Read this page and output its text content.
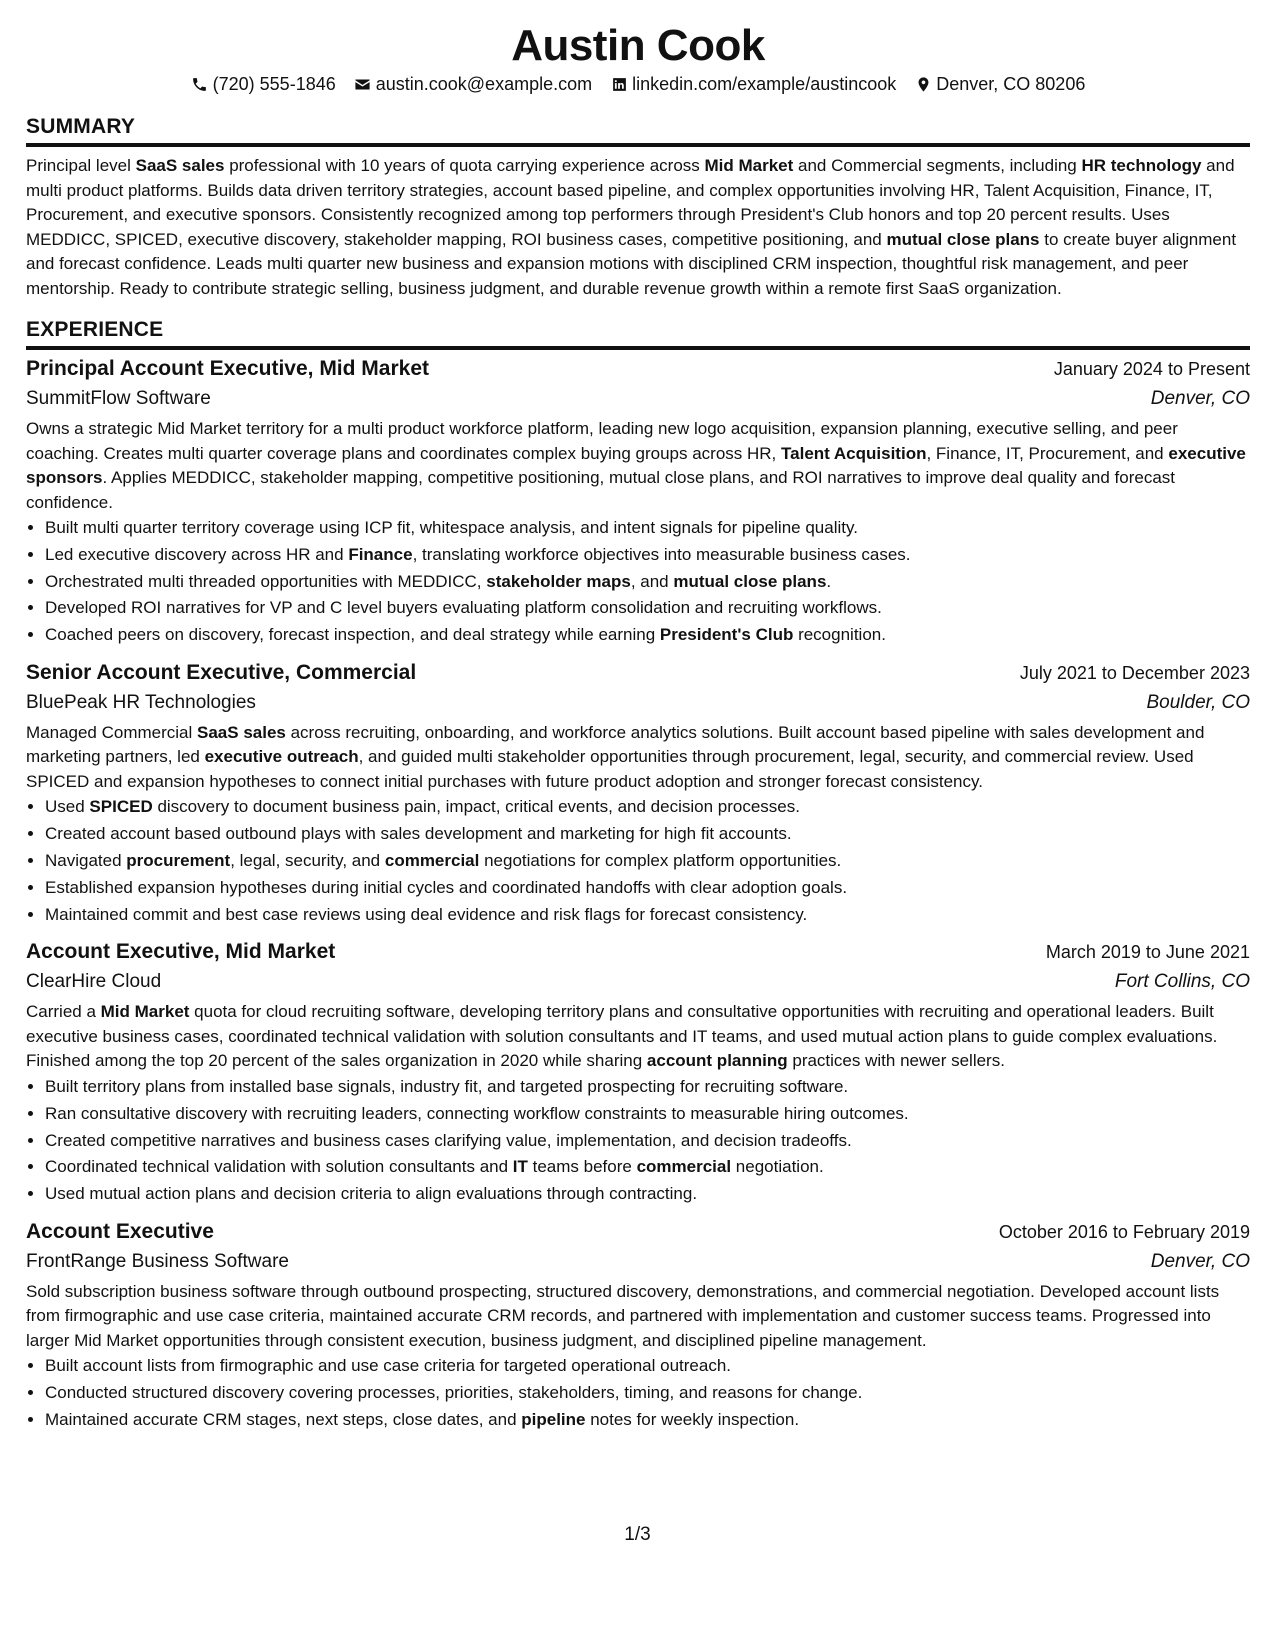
Austin Cook
(720) 555-1846 austin.cook@example.com linkedin.com/example/austincook Denver, CO 80206
SUMMARY
Principal level SaaS sales professional with 10 years of quota carrying experience across Mid Market and Commercial segments, including HR technology and multi product platforms. Builds data driven territory strategies, account based pipeline, and complex opportunities involving HR, Talent Acquisition, Finance, IT, Procurement, and executive sponsors. Consistently recognized among top performers through President's Club honors and top 20 percent results. Uses MEDDICC, SPICED, executive discovery, stakeholder mapping, ROI business cases, competitive positioning, and mutual close plans to create buyer alignment and forecast confidence. Leads multi quarter new business and expansion motions with disciplined CRM inspection, thoughtful risk management, and peer mentorship. Ready to contribute strategic selling, business judgment, and durable revenue growth within a remote first SaaS organization.
EXPERIENCE
Principal Account Executive, Mid Market	January 2024 to Present
SummitFlow Software	Denver, CO
Owns a strategic Mid Market territory for a multi product workforce platform, leading new logo acquisition, expansion planning, executive selling, and peer coaching. Creates multi quarter coverage plans and coordinates complex buying groups across HR, Talent Acquisition, Finance, IT, Procurement, and executive sponsors. Applies MEDDICC, stakeholder mapping, competitive positioning, mutual close plans, and ROI narratives to improve deal quality and forecast confidence.
• Built multi quarter territory coverage using ICP fit, whitespace analysis, and intent signals for pipeline quality.
• Led executive discovery across HR and Finance, translating workforce objectives into measurable business cases.
• Orchestrated multi threaded opportunities with MEDDICC, stakeholder maps, and mutual close plans.
• Developed ROI narratives for VP and C level buyers evaluating platform consolidation and recruiting workflows.
• Coached peers on discovery, forecast inspection, and deal strategy while earning President's Club recognition.
Senior Account Executive, Commercial	July 2021 to December 2023
BluePeak HR Technologies	Boulder, CO
Managed Commercial SaaS sales across recruiting, onboarding, and workforce analytics solutions. Built account based pipeline with sales development and marketing partners, led executive outreach, and guided multi stakeholder opportunities through procurement, legal, security, and commercial review. Used SPICED and expansion hypotheses to connect initial purchases with future product adoption and stronger forecast consistency.
• Used SPICED discovery to document business pain, impact, critical events, and decision processes.
• Created account based outbound plays with sales development and marketing for high fit accounts.
• Navigated procurement, legal, security, and commercial negotiations for complex platform opportunities.
• Established expansion hypotheses during initial cycles and coordinated handoffs with clear adoption goals.
• Maintained commit and best case reviews using deal evidence and risk flags for forecast consistency.
Account Executive, Mid Market	March 2019 to June 2021
ClearHire Cloud	Fort Collins, CO
Carried a Mid Market quota for cloud recruiting software, developing territory plans and consultative opportunities with recruiting and operational leaders. Built executive business cases, coordinated technical validation with solution consultants and IT teams, and used mutual action plans to guide complex evaluations. Finished among the top 20 percent of the sales organization in 2020 while sharing account planning practices with newer sellers.
• Built territory plans from installed base signals, industry fit, and targeted prospecting for recruiting software.
• Ran consultative discovery with recruiting leaders, connecting workflow constraints to measurable hiring outcomes.
• Created competitive narratives and business cases clarifying value, implementation, and decision tradeoffs.
• Coordinated technical validation with solution consultants and IT teams before commercial negotiation.
• Used mutual action plans and decision criteria to align evaluations through contracting.
Account Executive	October 2016 to February 2019
FrontRange Business Software	Denver, CO
Sold subscription business software through outbound prospecting, structured discovery, demonstrations, and commercial negotiation. Developed account lists from firmographic and use case criteria, maintained accurate CRM records, and partnered with implementation and customer success teams. Progressed into larger Mid Market opportunities through consistent execution, business judgment, and disciplined pipeline management.
• Built account lists from firmographic and use case criteria for targeted operational outreach.
• Conducted structured discovery covering processes, priorities, stakeholders, timing, and reasons for change.
• Maintained accurate CRM stages, next steps, close dates, and pipeline notes for weekly inspection.
1/3
